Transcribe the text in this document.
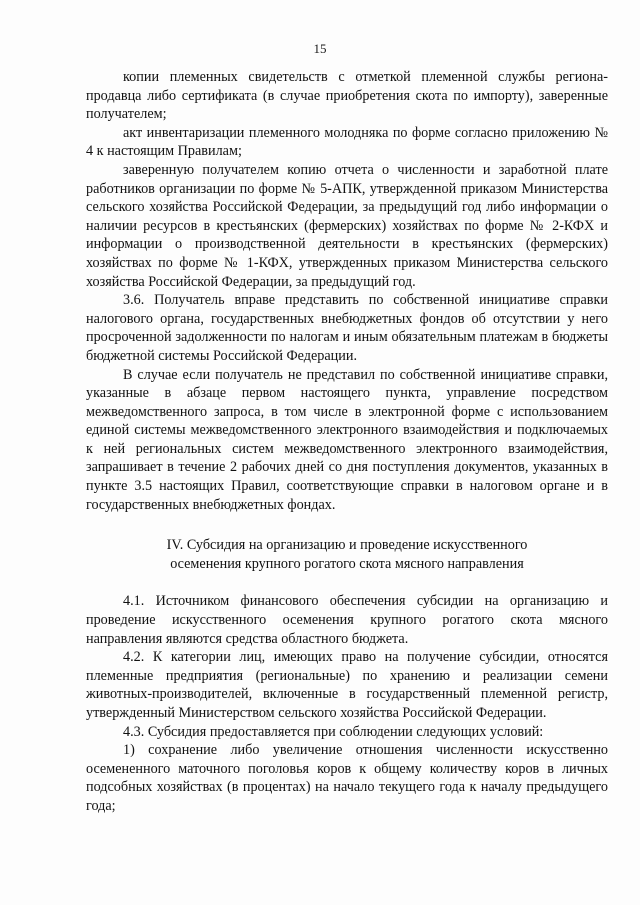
15

копии племенных свидетельств с отметкой племенной службы региона-продавца либо сертификата (в случае приобретения скота по импорту), заверенные получателем;

акт инвентаризации племенного молодняка по форме согласно приложению № 4 к настоящим Правилам;

заверенную получателем копию отчета о численности и заработной плате работников организации по форме № 5-АПК, утвержденной приказом Министерства сельского хозяйства Российской Федерации, за предыдущий год либо информации о наличии ресурсов в крестьянских (фермерских) хозяйствах по форме № 2-КФХ и информации о производственной деятельности в крестьянских (фермерских) хозяйствах по форме № 1-КФХ, утвержденных приказом Министерства сельского хозяйства Российской Федерации, за предыдущий год.

3.6. Получатель вправе представить по собственной инициативе справки налогового органа, государственных внебюджетных фондов об отсутствии у него просроченной задолженности по налогам и иным обязательным платежам в бюджеты бюджетной системы Российской Федерации.

В случае если получатель не представил по собственной инициативе справки, указанные в абзаце первом настоящего пункта, управление посредством межведомственного запроса, в том числе в электронной форме с использованием единой системы межведомственного электронного взаимодействия и подключаемых к ней региональных систем межведомственного электронного взаимодействия, запрашивает в течение 2 рабочих дней со дня поступления документов, указанных в пункте 3.5 настоящих Правил, соответствующие справки в налоговом органе и в государственных внебюджетных фондах.

IV. Субсидия на организацию и проведение искусственного
осеменения крупного рогатого скота мясного направления

4.1. Источником финансового обеспечения субсидии на организацию и проведение искусственного осеменения крупного рогатого скота мясного направления являются средства областного бюджета.

4.2. К категории лиц, имеющих право на получение субсидии, относятся племенные предприятия (региональные) по хранению и реализации семени животных-производителей, включенные в государственный племенной регистр, утвержденный Министерством сельского хозяйства Российской Федерации.

4.3. Субсидия предоставляется при соблюдении следующих условий:

1) сохранение либо увеличение отношения численности искусственно осемененного маточного поголовья коров к общему количеству коров в личных подсобных хозяйствах (в процентах) на начало текущего года к началу предыдущего года;
